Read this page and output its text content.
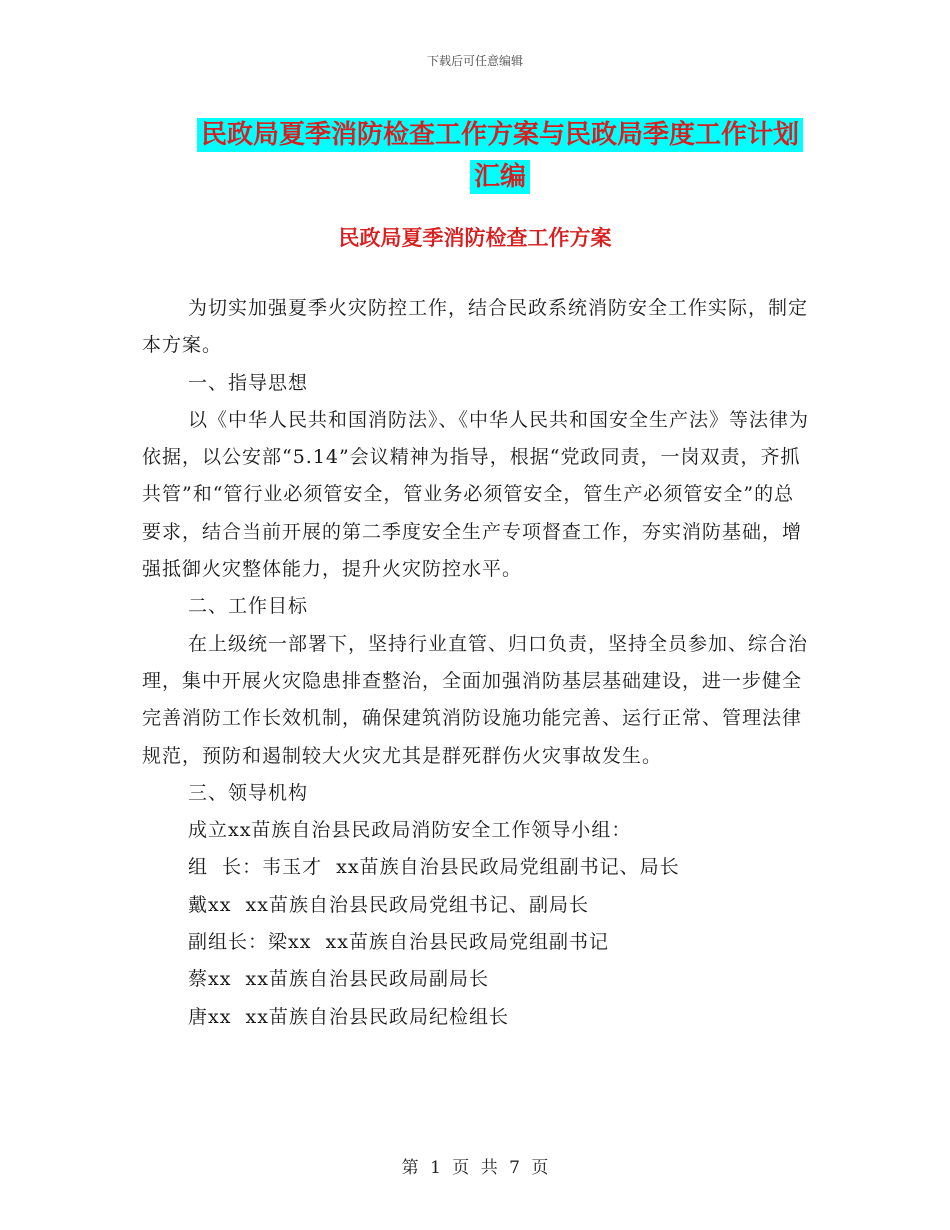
下载后可任意编辑
民政局夏季消防检查工作方案与民政局季度工作计划
汇编
民政局夏季消防检查工作方案

为切实加强夏季火灾防控工作，结合民政系统消防安全工作实际，制定本方案。

一、指导思想

以《中华人民共和国消防法》、《中华人民共和国安全生产法》等法律为依据，以公安部“5.14”会议精神为指导，根据“党政同责，一岗双责，齐抓共管”和“管行业必须管安全，管业务必须管安全，管生产必须管安全”的总要求，结合当前开展的第二季度安全生产专项督查工作，夯实消防基础，增强抵御火灾整体能力，提升火灾防控水平。

二、工作目标

在上级统一部署下，坚持行业直管、归口负责，坚持全员参加、综合治理，集中开展火灾隐患排查整治，全面加强消防基层基础建设，进一步健全完善消防工作长效机制，确保建筑消防设施功能完善、运行正常、管理法律规范，预防和遏制较大火灾尤其是群死群伤火灾事故发生。

三、领导机构

成立xx苗族自治县民政局消防安全工作领导小组：

组  长：韦玉才  xx苗族自治县民政局党组副书记、局长

戴xx  xx苗族自治县民政局党组书记、副局长

副组长：梁xx  xx苗族自治县民政局党组副书记

蔡xx  xx苗族自治县民政局副局长

唐xx  xx苗族自治县民政局纪检组长

第 1 页 共 7 页
